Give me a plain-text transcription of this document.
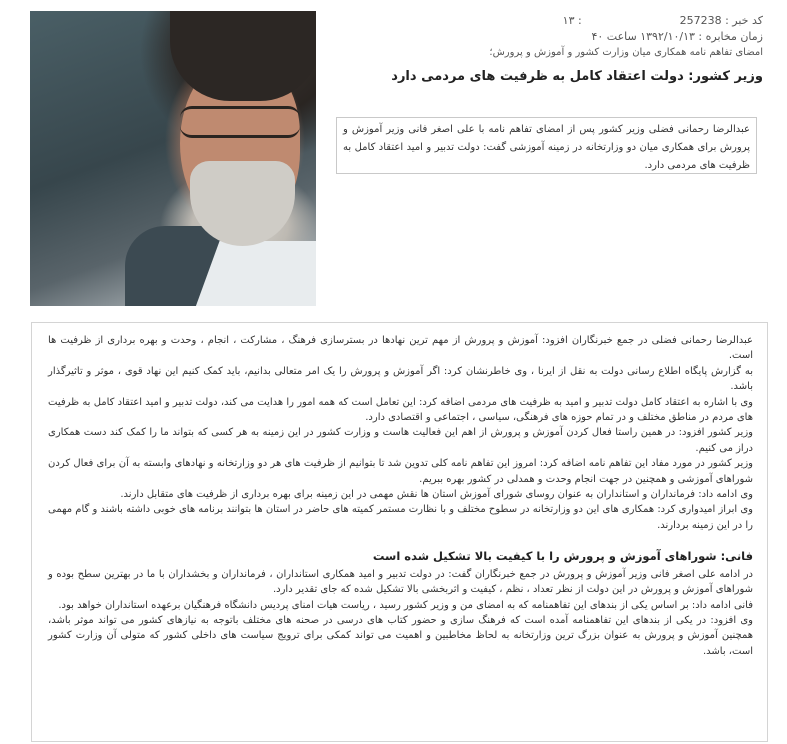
کد خبر : 257238                            : ۱۳
زمان مخابره : ۱۳۹۲/۱۰/۱۳ ساعت ۴۰
امضای تفاهم نامه همکاری میان وزارت کشور و آموزش و پرورش؛
وزیر کشور: دولت اعتقاد کامل به ظرفیت های مردمی دارد
عبدالرضا رحمانی فضلی وزیر کشور پس از امضای تفاهم نامه با علی اصغر فانی وزیر آموزش و پرورش برای همکاری میان دو وزارتخانه در زمینه آموزشی گفت: دولت تدبیر و امید اعتقاد کامل به ظرفیت های مردمی دارد.

عبدالرضا رحمانی فضلی در جمع خبرنگاران افزود: آموزش و پرورش از مهم ترین نهادها در بسترسازی فرهنگ ، مشارکت ، انجام ، وحدت و بهره برداری از ظرفیت ها است.

به گزارش پایگاه اطلاع رسانی دولت به نقل از ایرنا ، وی خاطرنشان کرد: اگر آموزش و پرورش را یک امر متعالی بدانیم، باید کمک کنیم این نهاد قوی ، موثر و تاثیرگذار باشد.

وی با اشاره به اعتقاد کامل دولت تدبیر و امید به ظرفیت های مردمی اضافه کرد: این تعامل است که همه امور را هدایت می کند، دولت تدبیر و امید اعتقاد کامل به ظرفیت های مردم در مناطق مختلف و در تمام حوزه های فرهنگی، سیاسی ، اجتماعی و اقتصادی دارد.

وزیر کشور افزود: در همین راستا فعال کردن آموزش و پرورش از اهم این فعالیت هاست و وزارت کشور در این زمینه به هر کسی که بتواند ما را کمک کند دست همکاری دراز می کنیم.

وزیر کشور در مورد مفاد این تفاهم نامه اضافه کرد: امروز این تفاهم نامه کلی تدوین شد تا بتوانیم از ظرفیت های هر دو وزارتخانه و نهادهای وابسته به آن برای فعال کردن شوراهای آموزشی و همچنین در جهت انجام وحدت و همدلی در کشور بهره ببریم.

وی ادامه داد: فرمانداران و استانداران به عنوان روسای شورای آموزش استان ها نقش مهمی در این زمینه برای بهره برداری از ظرفیت های متقابل دارند.

وی ابراز امیدواری کرد: همکاری های این دو وزارتخانه در سطوح مختلف و با نظارت مستمر کمیته های حاضر در استان ها بتوانند برنامه های خوبی داشته باشند و گام مهمی را در این زمینه بردارند.

فانی: شوراهای آموزش و پرورش را با کیفیت بالا تشکیل شده است

در ادامه علی اصغر فانی وزیر آموزش و پرورش در جمع خبرنگاران گفت: در دولت تدبیر و امید همکاری استانداران ، فرمانداران و بخشداران با ما در بهترین سطح بوده و شوراهای آموزش و پرورش در این دولت از نظر تعداد ، نظم ، کیفیت و اثربخشی بالا تشکیل شده که جای تقدیر دارد.

فانی ادامه داد: بر اساس یکی از بندهای این تفاهمنامه که به امضای من و وزیر کشور رسید ، ریاست هیات امنای پردیس دانشگاه فرهنگیان برعهده استانداران خواهد بود.

وی افزود: در یکی از بندهای این تفاهمنامه آمده است که فرهنگ سازی و حضور کتاب های درسی در صحنه های مختلف باتوجه به نیازهای کشور می تواند موثر باشد، همچنین آموزش و پرورش به عنوان بزرگ ترین وزارتخانه به لحاظ مخاطبین و اهمیت می تواند کمکی برای ترویج سیاست های داخلی کشور که متولی آن وزارت کشور است، باشد.
